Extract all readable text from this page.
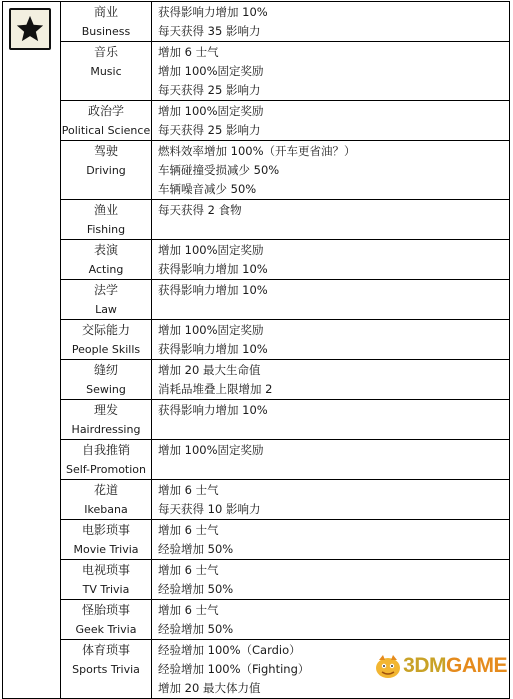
商业
Business	获得影响力增加 10%
每天获得 35 影响力

	音乐
Music	增加 6 士气
增加 100%固定奖励
每天获得 25 影响力

	政治学
Political Science	增加 100%固定奖励
每天获得 25 影响力

	驾驶
Driving	燃料效率增加 100%（开车更省油？）
车辆碰撞受损减少 50%
车辆噪音减少 50%

	渔业
Fishing	每天获得 2 食物

	表演
Acting	增加 100%固定奖励
获得影响力增加 10%

	法学
Law	获得影响力增加 10%

	交际能力
People Skills	增加 100%固定奖励
获得影响力增加 10%

	缝纫
Sewing	增加 20 最大生命值
消耗品堆叠上限增加 2

	理发
Hairdressing	获得影响力增加 10%

	自我推销
Self-Promotion	增加 100%固定奖励

	花道
Ikebana	增加 6 士气
每天获得 10 影响力

	电影琐事
Movie Trivia	增加 6 士气
经验增加 50%

	电视琐事
TV Trivia	增加 6 士气
经验增加 50%

	怪胎琐事
Geek Trivia	增加 6 士气
经验增加 50%

	体育琐事
Sports Trivia	经验增加 100%（Cardio）
经验增加 100%（Fighting）
增加 20 最大体力值
3DMGAME
